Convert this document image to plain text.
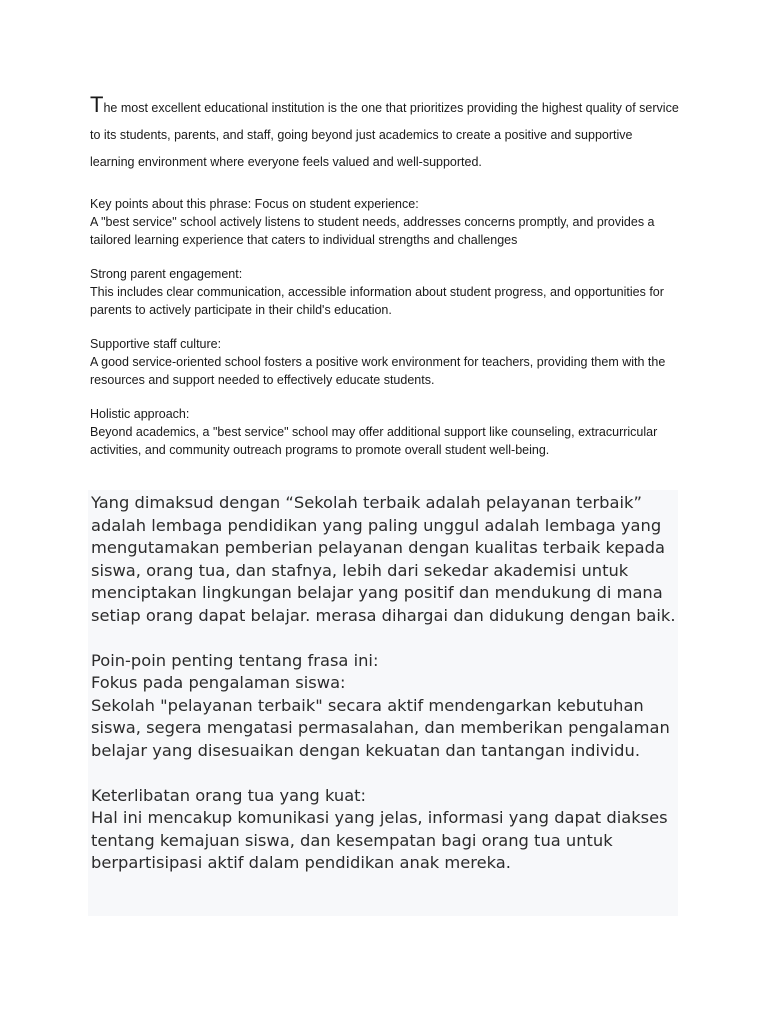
The most excellent educational institution is the one that prioritizes providing the highest quality of service to its students, parents, and staff, going beyond just academics to create a positive and supportive learning environment where everyone feels valued and well-supported.

Key points about this phrase: Focus on student experience:

A "best service" school actively listens to student needs, addresses concerns promptly, and provides a tailored learning experience that caters to individual strengths and challenges

Strong parent engagement:

This includes clear communication, accessible information about student progress, and opportunities for parents to actively participate in their child's education.

Supportive staff culture:

A good service-oriented school fosters a positive work environment for teachers, providing them with the resources and support needed to effectively educate students.

Holistic approach:

Beyond academics, a "best service" school may offer additional support like counseling, extracurricular activities, and community outreach programs to promote overall student well-being.

Yang dimaksud dengan “Sekolah terbaik adalah pelayanan terbaik” adalah lembaga pendidikan yang paling unggul adalah lembaga yang mengutamakan pemberian pelayanan dengan kualitas terbaik kepada siswa, orang tua, dan stafnya, lebih dari sekedar akademisi untuk menciptakan lingkungan belajar yang positif dan mendukung di mana setiap orang dapat belajar. merasa dihargai dan didukung dengan baik.

Poin-poin penting tentang frasa ini:

Fokus pada pengalaman siswa:

Sekolah "pelayanan terbaik" secara aktif mendengarkan kebutuhan siswa, segera mengatasi permasalahan, dan memberikan pengalaman belajar yang disesuaikan dengan kekuatan dan tantangan individu.

Keterlibatan orang tua yang kuat:

Hal ini mencakup komunikasi yang jelas, informasi yang dapat diakses tentang kemajuan siswa, dan kesempatan bagi orang tua untuk berpartisipasi aktif dalam pendidikan anak mereka.
